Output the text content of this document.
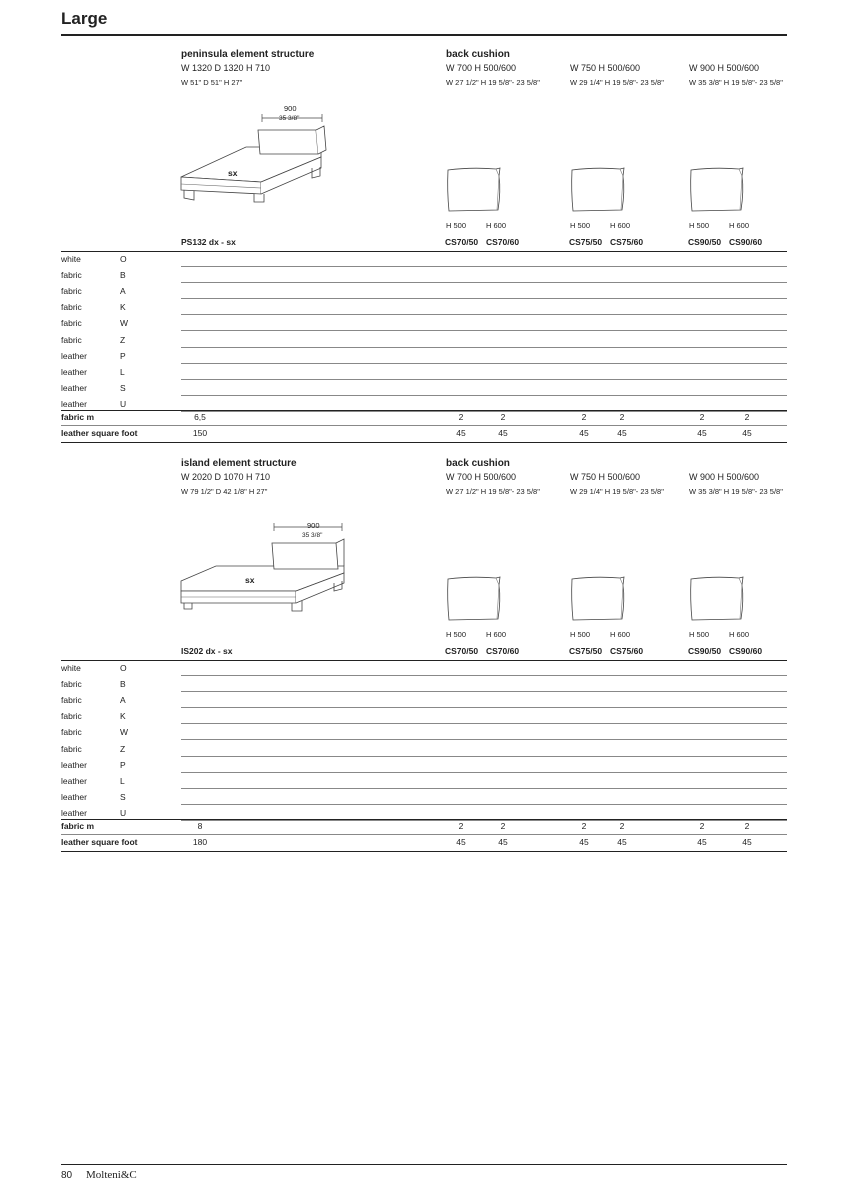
Large
peninsula element structure
W 1320 D 1320 H 710
W 51" D 51" H 27"
back cushion
W 700 H 500/600
W 27 1/2" H 19 5/8"- 23 5/8"
H 500	H 600
CS70/50 CS70/60
W 750 H 500/600
W 29 1/4" H 19 5/8"- 23 5/8"
H 500	H 600
CS75/50 CS75/60
W 900 H 500/600
W 35 3/8" H 19 5/8"- 23 5/8"
H 500	H 600
CS90/50 CS90/60
900
35 3/8"
sx
PS132 dx - sx
white	O
fabric	B
fabric	A
fabric	K
fabric	W
fabric	Z
leather	P
leather	L
leather	S
leather	U
fabric m	6,5	2	2	2	2	2	2
leather square foot	150	45	45	45	45	45	45
island element structure
W 2020 D 1070 H 710
W 79 1/2" D 42 1/8" H 27"
back cushion
W 700 H 500/600
W 27 1/2" H 19 5/8"- 23 5/8"
H 500	H 600
CS70/50 CS70/60
W 750 H 500/600
W 29 1/4" H 19 5/8"- 23 5/8"
H 500	H 600
CS75/50 CS75/60
W 900 H 500/600
W 35 3/8" H 19 5/8"- 23 5/8"
H 500	H 600
CS90/50 CS90/60
900
35 3/8"
sx
IS202 dx - sx
white	O
fabric	B
fabric	A
fabric	K
fabric	W
fabric	Z
leather	P
leather	L
leather	S
leather	U
fabric m	8	2	2	2	2	2	2
leather square foot	180	45	45	45	45	45	45
80 Molteni&C
